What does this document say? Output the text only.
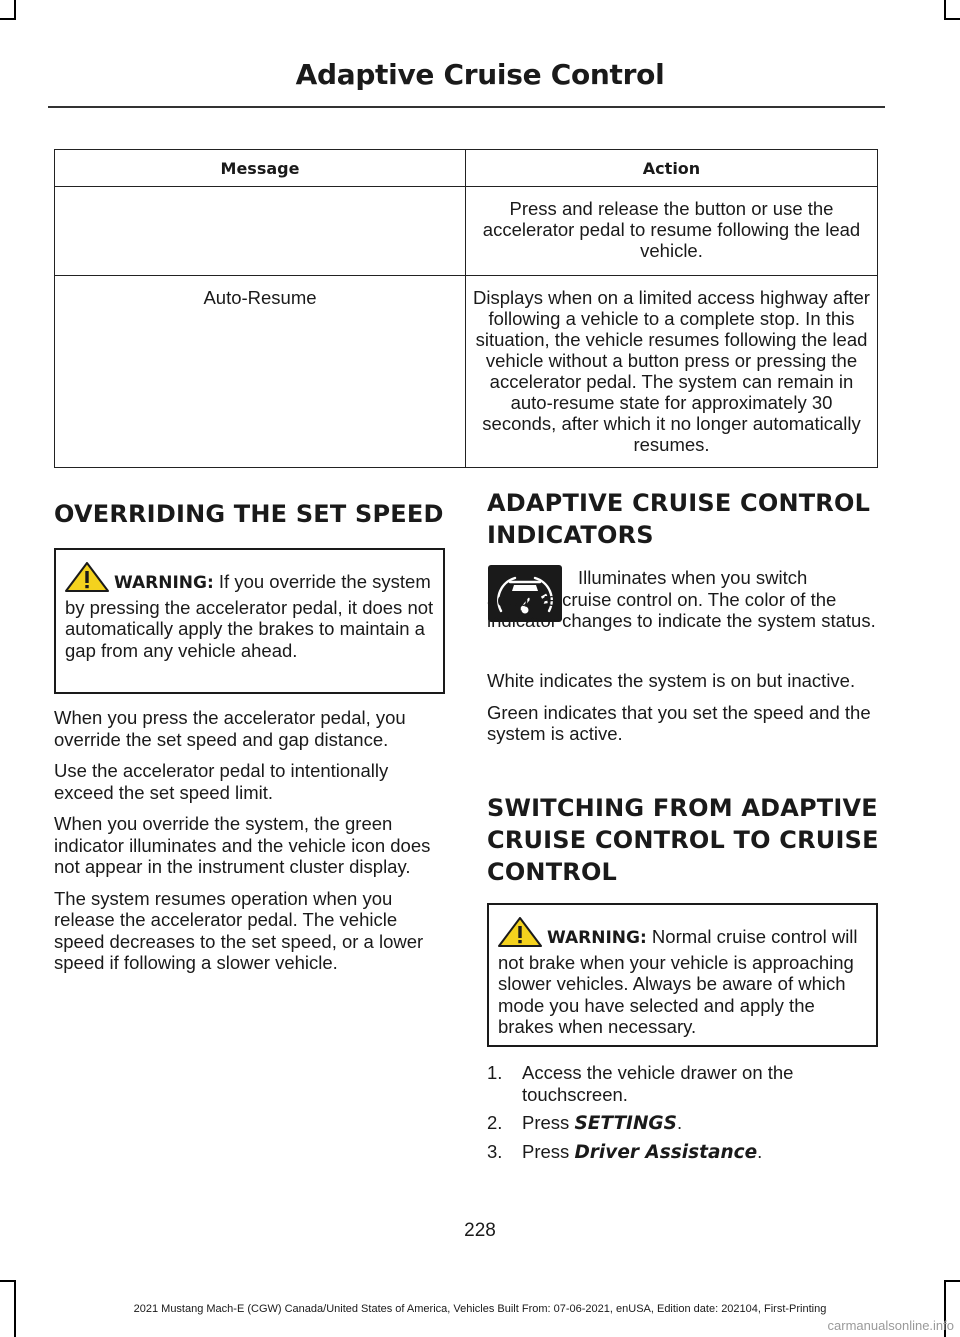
Adaptive Cruise Control
Message	Action
	Press and release the button or use the accelerator pedal to resume following the lead vehicle.
Auto-Resume	Displays when on a limited access highway after following a vehicle to a complete stop. In this situation, the vehicle resumes following the lead vehicle without a button press or pressing the accelerator pedal. The system can remain in auto-resume state for approximately 30 seconds, after which it no longer automatically resumes.
OVERRIDING THE SET SPEED
WARNING: If you override the system by pressing the accelerator pedal, it does not automatically apply the brakes to maintain a gap from any vehicle ahead.

When you press the accelerator pedal, you override the set speed and gap distance.

Use the accelerator pedal to intentionally exceed the set speed limit.

When you override the system, the green indicator illuminates and the vehicle icon does not appear in the instrument cluster display.

The system resumes operation when you release the accelerator pedal. The vehicle speed decreases to the set speed, or a lower speed if following a slower vehicle.

ADAPTIVE CRUISE CONTROL
INDICATORS

Illuminates when you switch adaptive cruise control on. The color of the indicator changes to indicate the system status.

White indicates the system is on but inactive.

Green indicates that you set the speed and the system is active.

SWITCHING FROM ADAPTIVE
CRUISE CONTROL TO CRUISE
CONTROL
WARNING: Normal cruise control will not brake when your vehicle is approaching slower vehicles. Always be aware of which mode you have selected and apply the brakes when necessary.
1. Access the vehicle drawer on the touchscreen.
2. Press SETTINGS.
3. Press Driver Assistance.
228
2021 Mustang Mach-E (CGW) Canada/United States of America, Vehicles Built From: 07-06-2021, enUSA, Edition date: 202104, First-Printing
carmanualsonline.info
